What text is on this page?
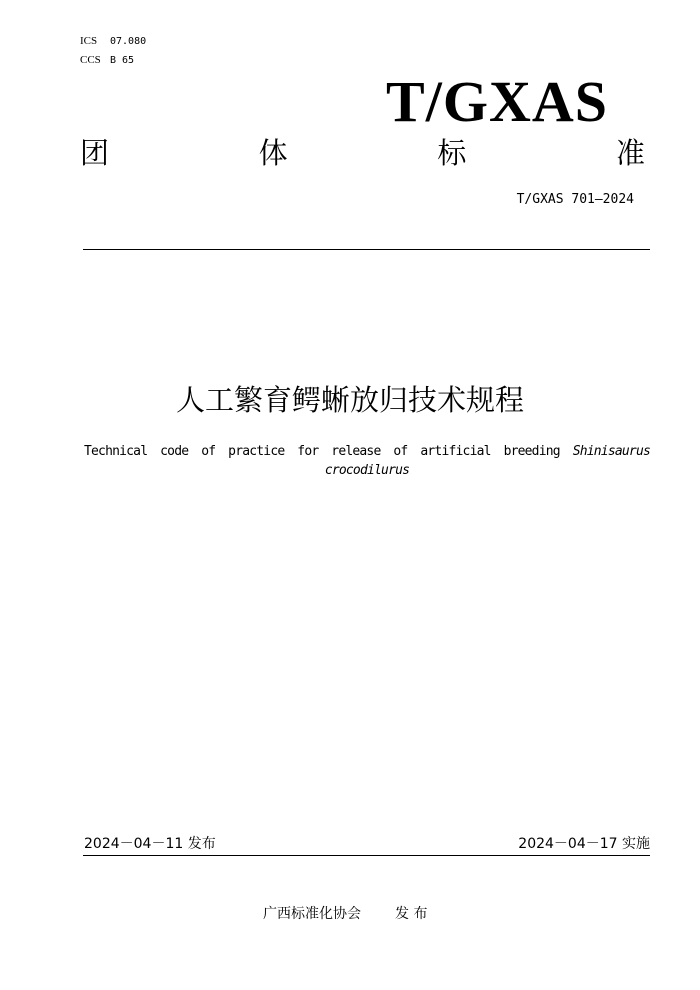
ICS 07.080
CCS B 65
T/GXAS
团	体	标	准
T/GXAS 701—2024
人工繁育鳄蜥放归技术规程
Technical code of practice for release of artificial breeding Shinisaurus
crocodilurus
2024－04－11 发布	2024－04－17 实施
广西标准化协会 发 布
